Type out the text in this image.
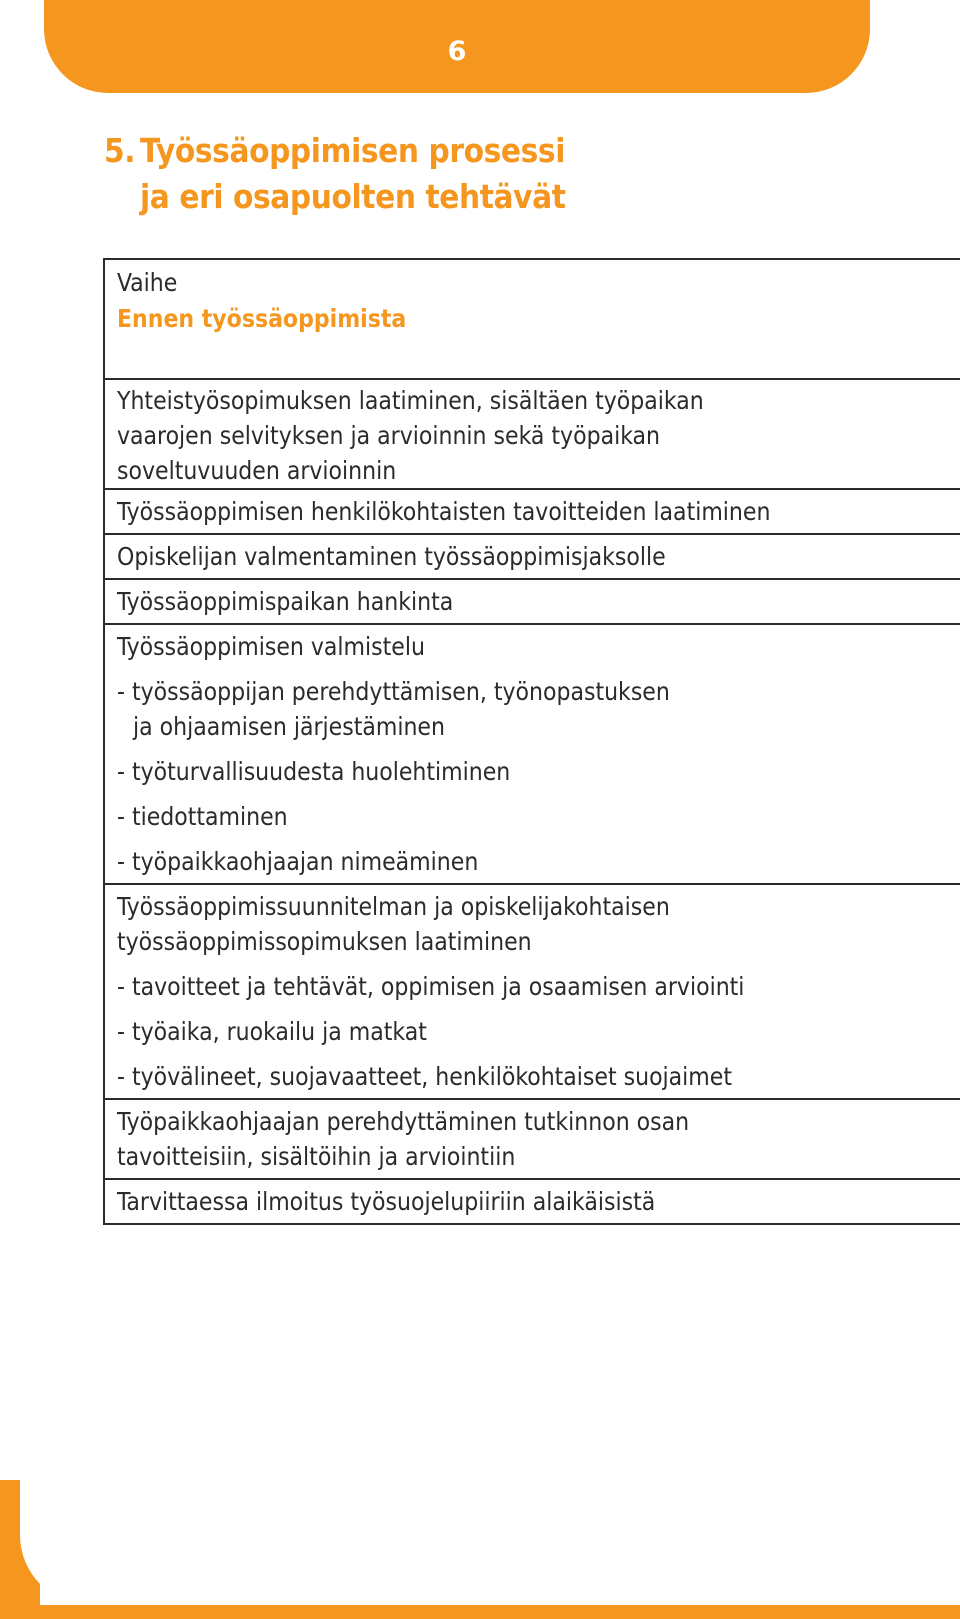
6
5. Työssäoppimisen prosessi
ja eri osapuolten tehtävät
Vaihe
Ennen työssäoppimista

Yhteistyösopimuksen laatiminen, sisältäen työpaikan
vaarojen selvityksen ja arvioinnin sekä työpaikan
soveltuvuuden arvioinnin

Työssäoppimisen henkilökohtaisten tavoitteiden laatiminen

Opiskelijan valmentaminen työssäoppimisjaksolle

Työssäoppimispaikan hankinta

Työssäoppimisen valmistelu
- työssäoppijan perehdyttämisen, työnopastuksen
ja ohjaamisen järjestäminen
- työturvallisuudesta huolehtiminen
- tiedottaminen
- työpaikkaohjaajan nimeäminen

Työssäoppimissuunnitelman ja opiskelijakohtaisen
työssäoppimissopimuksen laatiminen
- tavoitteet ja tehtävät, oppimisen ja osaamisen arviointi
- työaika, ruokailu ja matkat
- työvälineet, suojavaatteet, henkilökohtaiset suojaimet

Työpaikkaohjaajan perehdyttäminen tutkinnon osan
tavoitteisiin, sisältöihin ja arviointiin

Tarvittaessa ilmoitus työsuojelupiiriin alaikäisistä
